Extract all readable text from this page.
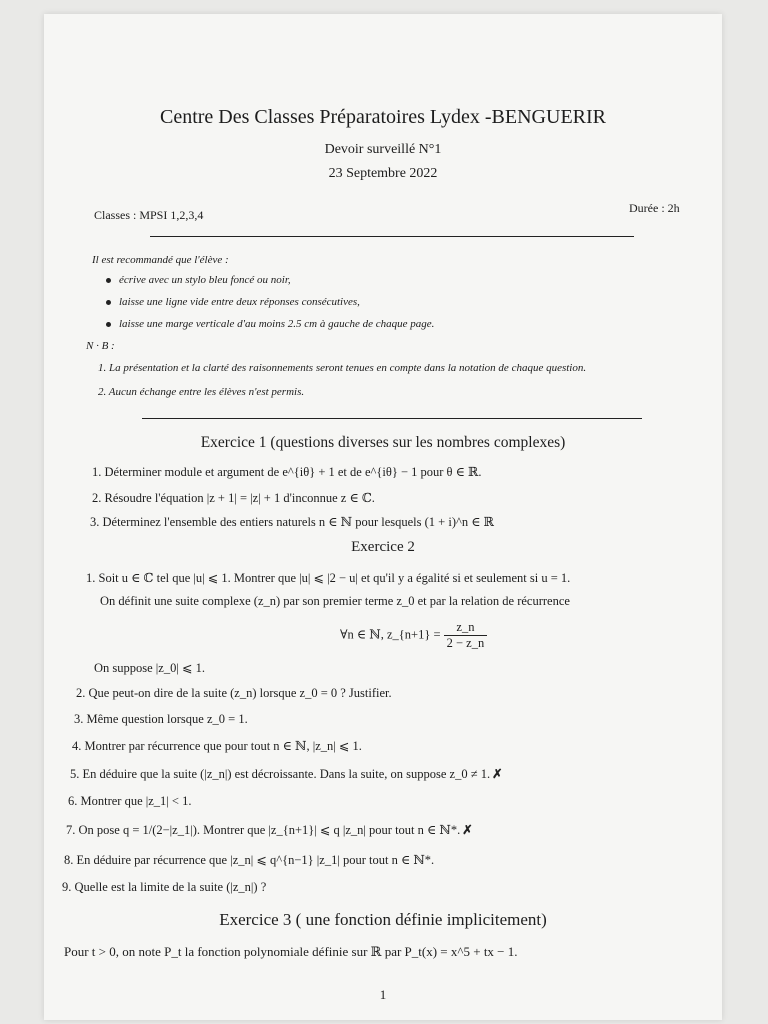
Centre Des Classes Préparatoires Lydex -BENGUERIR
Devoir surveillé N°1
23 Septembre 2022
Classes : MPSI 1,2,3,4	Durée : 2h
Il est recommandé que l'élève :
écrive avec un stylo bleu foncé ou noir,
laisse une ligne vide entre deux réponses consécutives,
laisse une marge verticale d'au moins 2.5 cm à gauche de chaque page.
N · B :
1. La présentation et la clarté des raisonnements seront tenues en compte dans la notation de chaque question.
2. Aucun échange entre les élèves n'est permis.
Exercice 1 (questions diverses sur les nombres complexes)
1. Déterminer module et argument de e^{iθ} + 1 et de e^{iθ} − 1 pour θ ∈ ℝ.
2. Résoudre l'équation |z + 1| = |z| + 1 d'inconnue z ∈ ℂ.
3. Déterminez l'ensemble des entiers naturels n ∈ ℕ pour lesquels (1 + i)^n ∈ ℝ
Exercice 2
1. Soit u ∈ ℂ tel que |u| ⩽ 1. Montrer que |u| ⩽ |2 − u| et qu'il y a égalité si et seulement si u = 1.
On définit une suite complexe (z_n) par son premier terme z_0 et par la relation de récurrence
∀n ∈ ℕ, z_{n+1} = $\frac{z\_n}{2 - z\_n}$
On suppose |z_0| ⩽ 1.
2. Que peut-on dire de la suite (z_n) lorsque z_0 = 0 ? Justifier.
3. Même question lorsque z_0 = 1.
4. Montrer par récurrence que pour tout n ∈ ℕ, |z_n| ⩽ 1.
5. En déduire que la suite (|z_n|) est décroissante. Dans la suite, on suppose z_0 ≠ 1. ✗
6. Montrer que |z_1| < 1.
7. On pose q = 1/(2−|z_1|). Montrer que |z_{n+1}| ⩽ q |z_n| pour tout n ∈ ℕ*. ✗
8. En déduire par récurrence que |z_n| ⩽ q^{n−1} |z_1| pour tout n ∈ ℕ*.
9. Quelle est la limite de la suite (|z_n|) ?
Exercice 3 ( une fonction définie implicitement)
Pour t > 0, on note P_t la fonction polynomiale définie sur ℝ par P_t(x) = x^5 + tx − 1.
1
